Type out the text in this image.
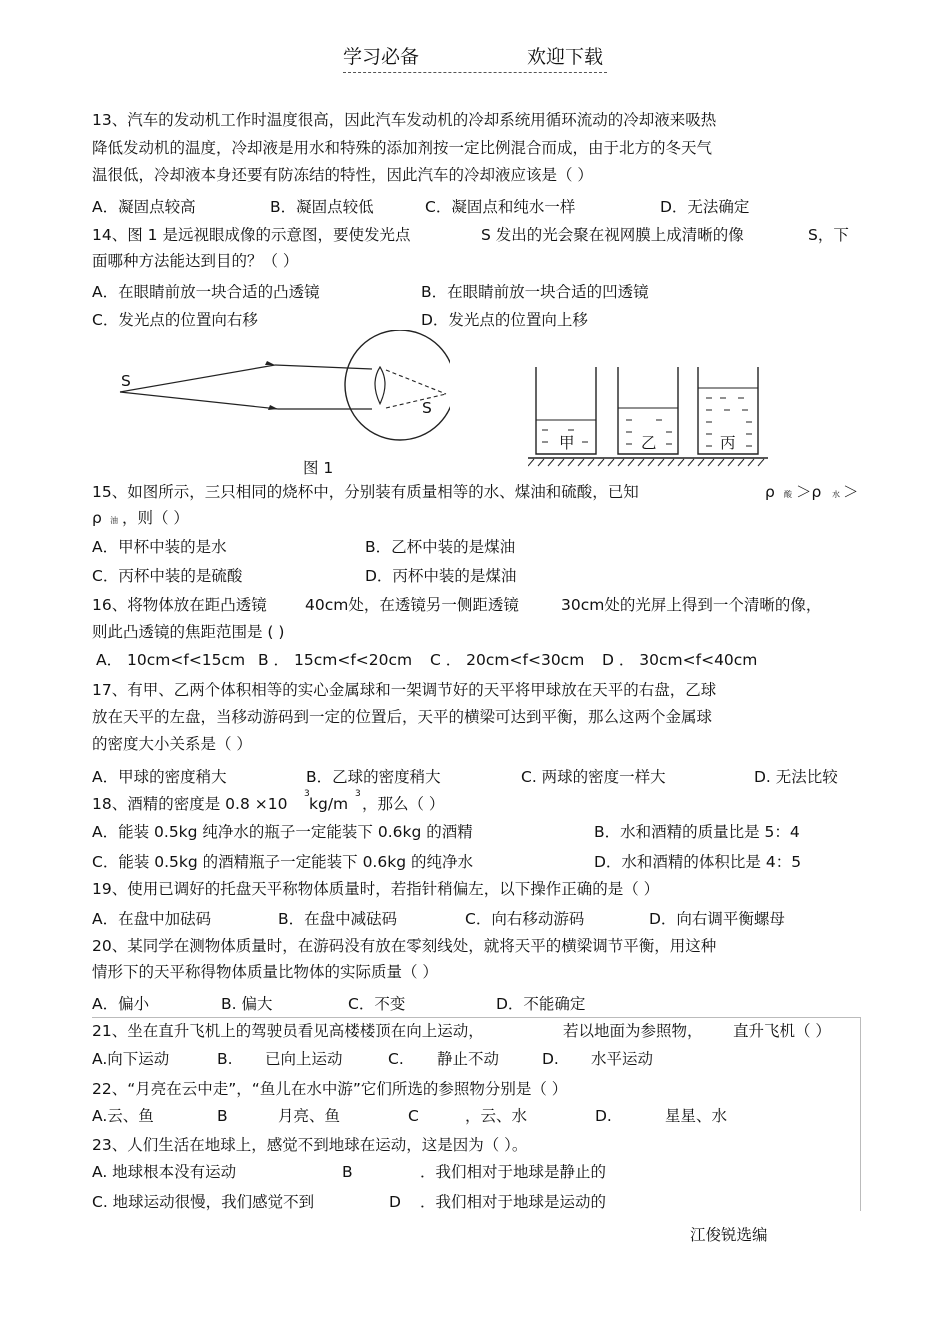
学习必备	欢迎下载
13、汽车的发动机工作时温度很高，因此汽车发动机的冷却系统用循环流动的冷却液来吸热
降低发动机的温度，冷却液是用水和特殊的添加剂按一定比例混合而成，由于北方的冬天气
温很低，冷却液本身还要有防冻结的特性，因此汽车的冷却液应该是（ ）
A．凝固点较高	B．凝固点较低	C．凝固点和纯水一样	D．无法确定
14、图 1 是远视眼成像的示意图，要使发光点	S 发出的光会聚在视网膜上成清晰的像	S，下
面哪种方法能达到目的？（ ）
A．在眼睛前放一块合适的凸透镜	B．在眼睛前放一块合适的凹透镜
C．发光点的位置向右移	D．发光点的位置向上移
S
S
图 1
甲	乙	丙
15、如图所示，三只相同的烧杯中，分别装有质量相等的水、煤油和硫酸，已知	ρ 酸 ＞ρ 水 ＞
ρ 油 ，则（ ）
A．甲杯中装的是水	B．乙杯中装的是煤油
C．丙杯中装的是硫酸	D．丙杯中装的是煤油
16、将物体放在距凸透镜 40cm处，在透镜另一侧距透镜	30cm处的光屏上得到一个清晰的像，
则此凸透镜的焦距范围是 ( )
A． 10cm<f<15cm B ． 15cm<f<20cm C ． 20cm<f<30cm D ． 30cm<f<40cm
17、有甲、乙两个体积相等的实心金属球和一架调节好的天平将甲球放在天平的右盘，乙球
放在天平的左盘，当移动游码到一定的位置后，天平的横梁可达到平衡，那么这两个金属球
的密度大小关系是（ ）
A．甲球的密度稍大	B．乙球的密度稍大	C. 两球的密度一样大	D. 无法比较
18、酒精的密度是 0.8 ×10
3
kg/m
3
，那么（ ）
A．能装 0.5kg 纯净水的瓶子一定能装下 0.6kg 的酒精	B．水和酒精的质量比是 5：4
C．能装 0.5kg 的酒精瓶子一定能装下 0.6kg 的纯净水	D．水和酒精的体积比是 4：5
19、使用已调好的托盘天平称物体质量时，若指针稍偏左，以下操作正确的是（ ）
A．在盘中加砝码	B．在盘中减砝码	C．向右移动游码	D．向右调平衡螺母
20、某同学在测物体质量时，在游码没有放在零刻线处，就将天平的横梁调节平衡，用这种
情形下的天平称得物体质量比物体的实际质量（ ）
A．偏小	B. 偏大	C．不变	D．不能确定
21、坐在直升飞机上的驾驶员看见高楼楼顶在向上运动，	若以地面为参照物， 直升飞机（ ）
A.向下运动	B. 已向上运动	C. 静止不动	D. 水平运动
22、“月亮在云中走”，“鱼儿在水中游”它们所选的参照物分别是（ ）
A.云、鱼	B	月亮、鱼	C	，云、水	D.	星星、水
23、人们生活在地球上，感觉不到地球在运动，这是因为（ ）。
A. 地球根本没有运动	B	．我们相对于地球是静止的
C. 地球运动很慢，我们感觉不到	D ．我们相对于地球是运动的
江俊锐选编
